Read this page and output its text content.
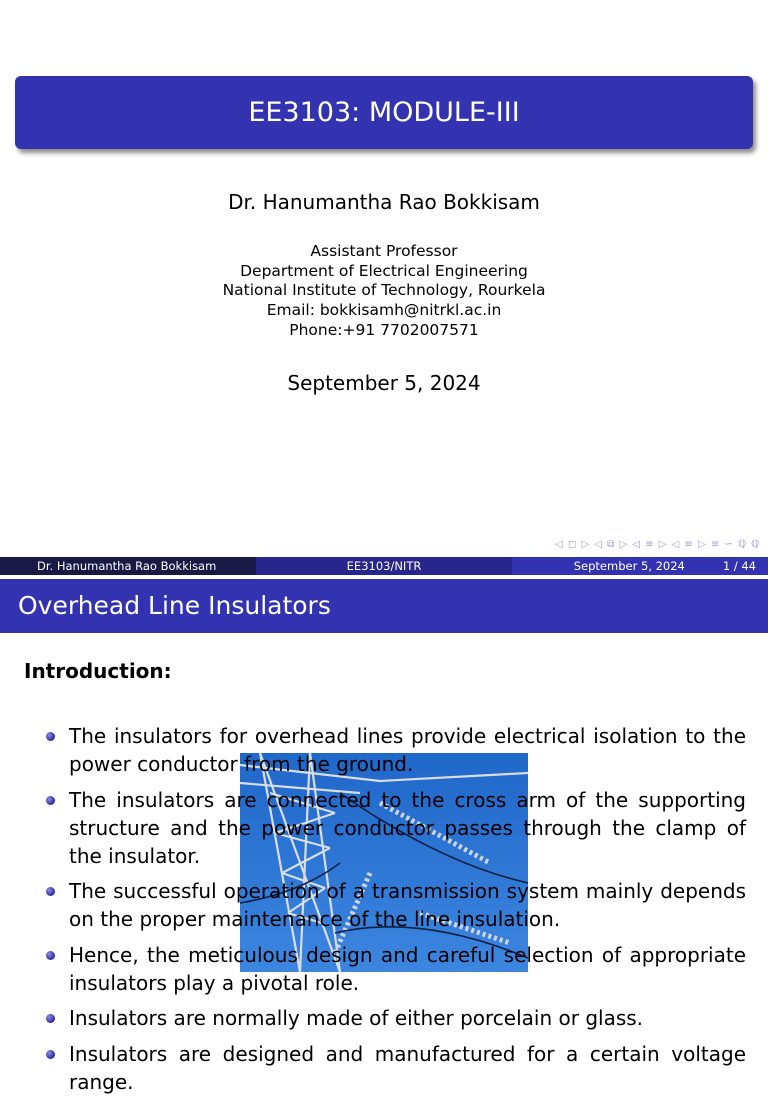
EE3103: MODULE-III
Dr. Hanumantha Rao Bokkisam
Assistant Professor
Department of Electrical Engineering
National Institute of Technology, Rourkela
Email: bokkisamh@nitrkl.ac.in
Phone:+91 7702007571
September 5, 2024
◁ ◻ ▷ ◁ ⧉ ▷ ◁ ≡ ▷ ◁ ≡ ▷ ≡ ∽ ℚ ℚ
Dr. Hanumantha Rao Bokkisam	EE3103/NITR	September 5, 2024	1 / 44
Overhead Line Insulators
Introduction:
The insulators for overhead lines provide electrical isolation to the power conductor from the ground.
The insulators are connected to the cross arm of the supporting structure and the power conductor passes through the clamp of the insulator.
The successful operation of a transmission system mainly depends on the proper maintenance of the line insulation.
Hence, the meticulous design and careful selection of appropriate insulators play a pivotal role.
Insulators are normally made of either porcelain or glass.
Insulators are designed and manufactured for a certain voltage range.
